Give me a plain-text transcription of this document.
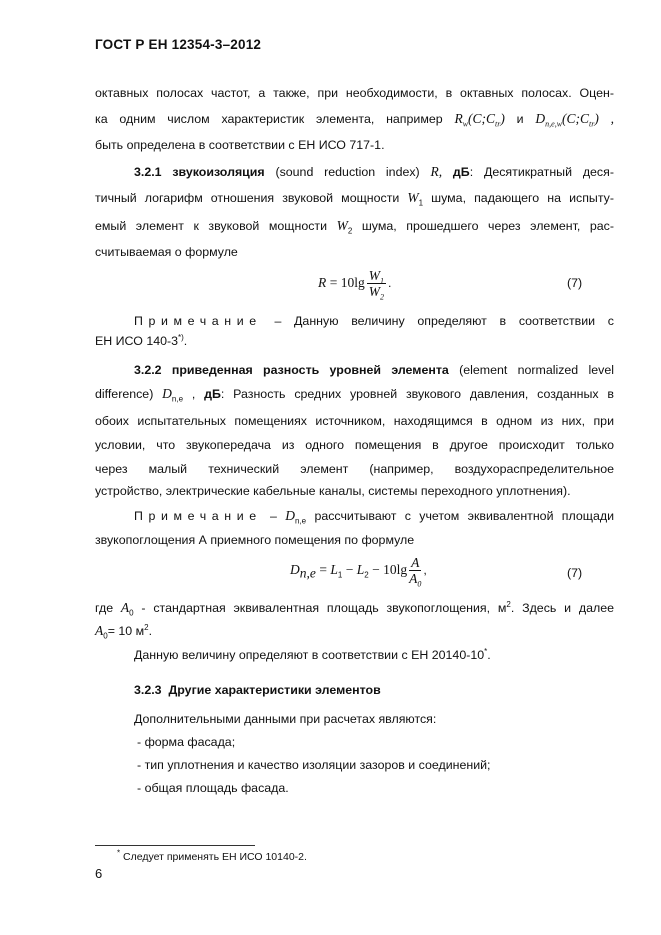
ГОСТ Р ЕН 12354-3–2012
октавных полосах частот, а также, при необходимости, в октавных полосах. Оцен-
ка одним числом характеристик элемента, например $R_w(C;C_{tr})$ и $D_{n,e,w}(C;C_{tr})$ ,
быть определена в соответствии с ЕН ИСО 717-1.
3.2.1 звукоизоляция (sound reduction index) R, дБ: Десятикратный деся-
тичный логарифм отношения звуковой мощности $W_1$ шума, падающего на испыту-
емый элемент к звуковой мощности $W_2$ шума, прошедшего через элемент, рас-
считываемая о формуле
$R = 10\lg \frac{W_1}{W_2}$ .	(7)
Примечание – Данную величину определяют в соответствии с
ЕН ИСО 140-3*).
3.2.2 приведенная разность уровней элемента (element normalized level
difference) $D_{n,e}$ , дБ: Разность средних уровней звукового давления, созданных в
обоих испытательных помещениях источником, находящимся в одном из них, при
условии, что звукопередача из одного помещения в другое происходит только
через малый технический элемент (например, воздухораспределительное
устройство, электрические кабельные каналы, системы переходного уплотнения).
Примечание – $D_{n,e}$ рассчитывают с учетом эквивалентной площади
звукопоглощения А приемного помещения по формуле
$D_{n,e} = L_1 - L_2 - 10\lg \frac{A}{A_0}$ ,	(7)
где $A_0$ - стандартная эквивалентная площадь звукопоглощения, $м^2$. Здесь и далее
$A_0= 10$ $м^2$.
Данную величину определяют в соответствии с ЕН 20140-10*.
3.2.3 Другие характеристики элементов
Дополнительными данными при расчетах являются:
- форма фасада;
- тип уплотнения и качество изоляции зазоров и соединений;
- общая площадь фасада.
* Следует применять ЕН ИСО 10140-2.
6
